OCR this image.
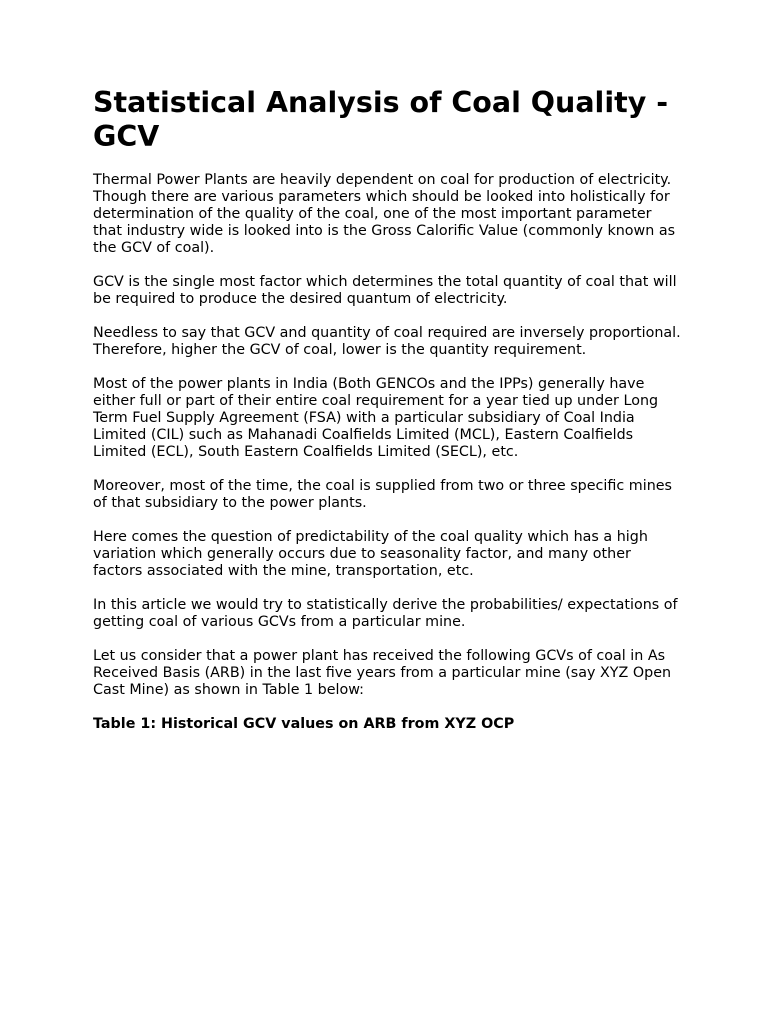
Statistical Analysis of Coal Quality - GCV

Thermal Power Plants are heavily dependent on coal for production of electricity. Though there are various parameters which should be looked into holistically for determination of the quality of the coal, one of the most important parameter that industry wide is looked into is the Gross Calorific Value (commonly known as the GCV of coal).

GCV is the single most factor which determines the total quantity of coal that will be required to produce the desired quantum of electricity.

Needless to say that GCV and quantity of coal required are inversely proportional. Therefore, higher the GCV of coal, lower is the quantity requirement.

Most of the power plants in India (Both GENCOs and the IPPs) generally have either full or part of their entire coal requirement for a year tied up under Long Term Fuel Supply Agreement (FSA) with a particular subsidiary of Coal India Limited (CIL) such as Mahanadi Coalfields Limited (MCL), Eastern Coalfields Limited (ECL), South Eastern Coalfields Limited (SECL), etc.

Moreover, most of the time, the coal is supplied from two or three specific mines of that subsidiary to the power plants.

Here comes the question of predictability of the coal quality which has a high variation which generally occurs due to seasonality factor, and many other factors associated with the mine, transportation, etc.

In this article we would try to statistically derive the probabilities/ expectations of getting coal of various GCVs from a particular mine.

Let us consider that a power plant has received the following GCVs of coal in As Received Basis (ARB) in the last five years from a particular mine (say XYZ Open Cast Mine) as shown in Table 1 below:

Table 1: Historical GCV values on ARB from XYZ OCP
